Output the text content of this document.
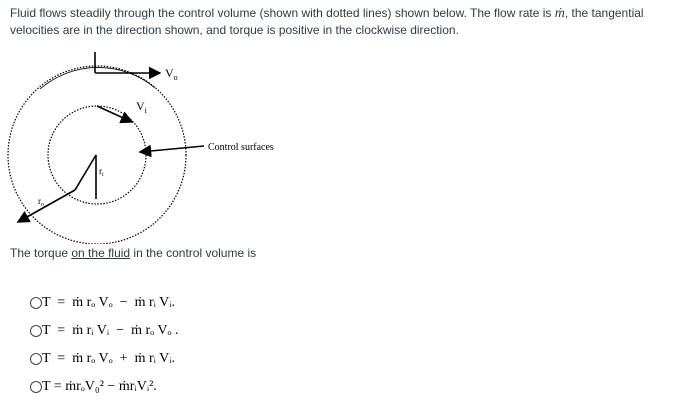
Fluid flows steadily through the control volume (shown with dotted lines) shown below. The flow rate is ṁ, the tangential velocities are in the direction shown, and torque is positive in the clockwise direction.
$V_o$
$V_i$
Control surfaces
$r_i$
$r_o$
The torque on the fluid in the control volume is
T  =  ṁ rₒ Vₒ  −  ṁ rᵢ Vᵢ.
T  =  ṁ rᵢ Vᵢ  −  ṁ rₒ Vₒ .
T  =  ṁ rₒ Vₒ  +  ṁ rᵢ Vᵢ.
T = ṁrₒV₀² − ṁrᵢVᵢ².
